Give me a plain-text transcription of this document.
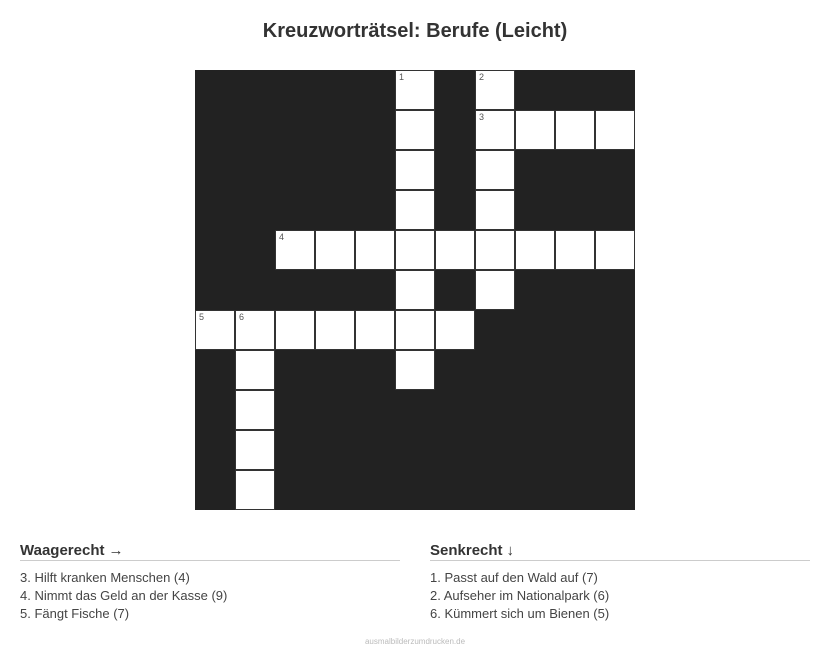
Kreuzworträtsel: Berufe (Leicht)
1	2
3
4
5	6
Waagerecht →
3. Hilft kranken Menschen (4)
4. Nimmt das Geld an der Kasse (9)
5. Fängt Fische (7)
Senkrecht ↓
1. Passt auf den Wald auf (7)
2. Aufseher im Nationalpark (6)
6. Kümmert sich um Bienen (5)
ausmalbilderzumdrucken.de
